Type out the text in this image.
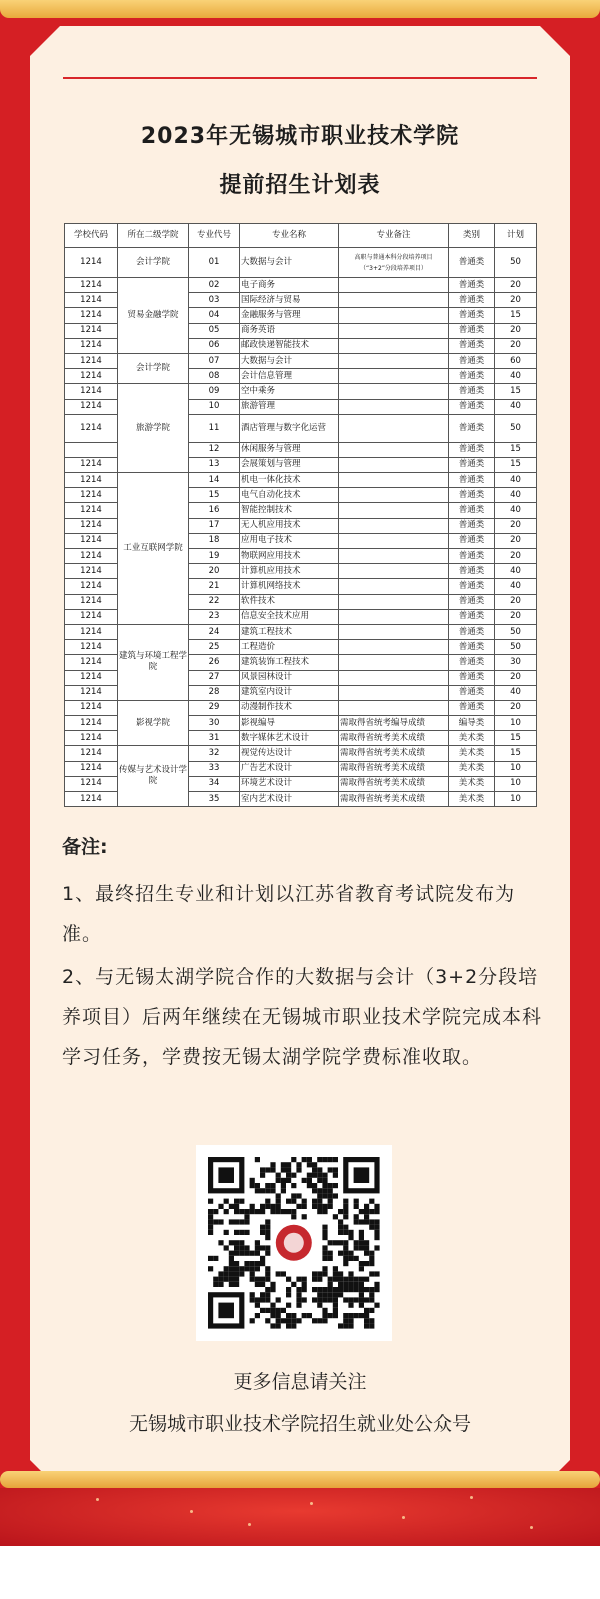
2023年无锡城市职业技术学院
提前招生计划表
学校代码	所在二级学院	专业代号	专业名称	专业备注	类别	计划
1214	会计学院	01	大数据与会计	高职与普通本科分段培养项目（“3+2”分段培养项目）	普通类	50
1214	贸易金融学院	02	电子商务		普通类	20
1214		03	国际经济与贸易		普通类	20
1214		04	金融服务与管理		普通类	15
1214		05	商务英语		普通类	20
1214		06	邮政快递智能技术		普通类	20
1214	会计学院	07	大数据与会计		普通类	60
1214		08	会计信息管理		普通类	40
1214	旅游学院	09	空中乘务		普通类	15
1214		10	旅游管理		普通类	40
1214		11	酒店管理与数字化运营		普通类	50
		12	休闲服务与管理		普通类	15
1214		13	会展策划与管理		普通类	15
1214	工业互联网学院	14	机电一体化技术		普通类	40
1214		15	电气自动化技术		普通类	40
1214		16	智能控制技术		普通类	40
1214		17	无人机应用技术		普通类	20
1214		18	应用电子技术		普通类	20
1214		19	物联网应用技术		普通类	20
1214		20	计算机应用技术		普通类	40
1214		21	计算机网络技术		普通类	40
1214		22	软件技术		普通类	20
1214		23	信息安全技术应用		普通类	20
1214	建筑与环境工程学院	24	建筑工程技术		普通类	50
1214		25	工程造价		普通类	50
1214		26	建筑装饰工程技术		普通类	30
1214		27	风景园林设计		普通类	20
1214		28	建筑室内设计		普通类	40
1214	影视学院	29	动漫制作技术		普通类	20
1214		30	影视编导	需取得省统考编导成绩	编导类	10
1214		31	数字媒体艺术设计	需取得省统考美术成绩	美术类	15
1214	传媒与艺术设计学院	32	视觉传达设计	需取得省统考美术成绩	美术类	15
1214		33	广告艺术设计	需取得省统考美术成绩	美术类	10
1214		34	环境艺术设计	需取得省统考美术成绩	美术类	10
1214		35	室内艺术设计	需取得省统考美术成绩	美术类	10
备注:
1、最终招生专业和计划以江苏省教育考试院发布为准。
2、与无锡太湖学院合作的大数据与会计（3+2分段培养项目）后两年继续在无锡城市职业技术学院完成本科学习任务，学费按无锡太湖学院学费标准收取。
更多信息请关注
无锡城市职业技术学院招生就业处公众号
